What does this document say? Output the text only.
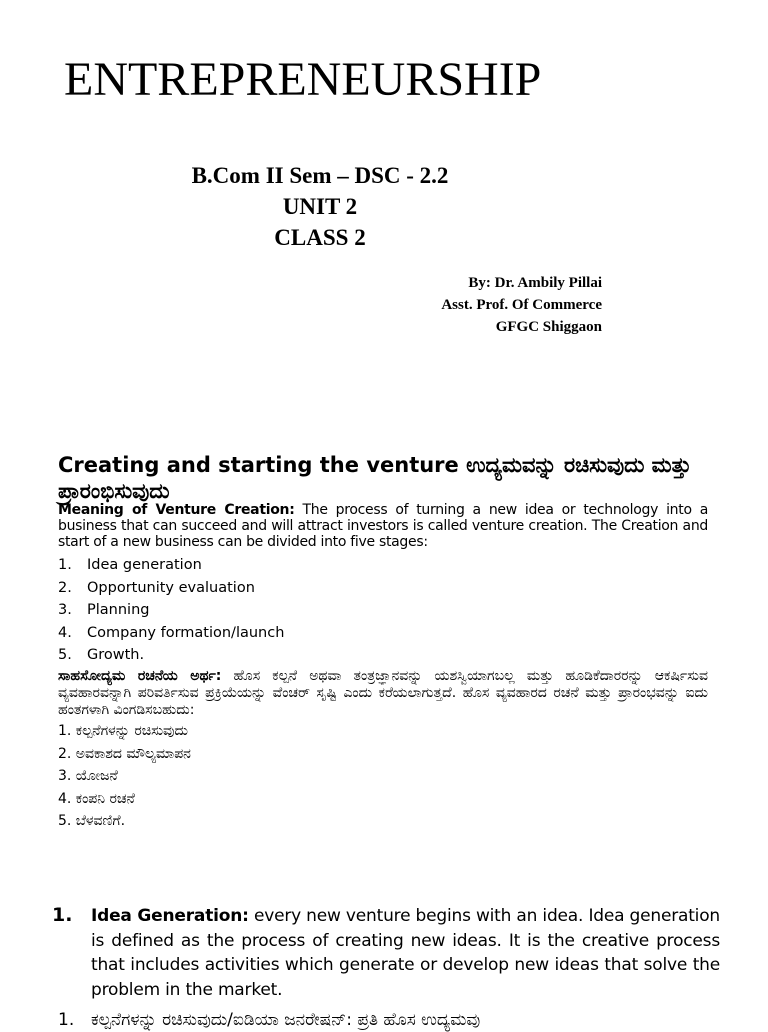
ENTREPRENEURSHIP
B.Com II Sem – DSC - 2.2
UNIT 2
CLASS 2
By: Dr. Ambily Pillai
Asst. Prof. Of Commerce
GFGC Shiggaon
Creating and starting the venture ಉದ್ಯಮವನ್ನು ರಚಿಸುವುದು ಮತ್ತು ಪ್ರಾರಂಭಿಸುವುದು
Meaning of Venture Creation: The process of turning a new idea or technology into a business that can succeed and will attract investors is called venture creation. The Creation and start of a new business can be divided into five stages:
1.	Idea generation
2.	Opportunity evaluation
3.	Planning
4.	Company formation/launch
5.	Growth.
ಸಾಹಸೋದ್ಯಮ ರಚನೆಯ ಅರ್ಥ: ಹೊಸ ಕಲ್ಪನೆ ಅಥವಾ ತಂತ್ರಜ್ಞಾನವನ್ನು ಯಶಸ್ವಿಯಾಗಬಲ್ಲ ಮತ್ತು ಹೂಡಿಕೆದಾರರನ್ನು ಆಕರ್ಷಿಸುವ ವ್ಯವಹಾರವನ್ನಾಗಿ ಪರಿವರ್ತಿಸುವ ಪ್ರಕ್ರಿಯೆಯನ್ನು ವೆಂಚರ್ ಸೃಷ್ಟಿ ಎಂದು ಕರೆಯಲಾಗುತ್ತದೆ. ಹೊಸ ವ್ಯವಹಾರದ ರಚನೆ ಮತ್ತು ಪ್ರಾರಂಭವನ್ನು ಐದು ಹಂತಗಳಾಗಿ ವಿಂಗಡಿಸಬಹುದು:
1. ಕಲ್ಪನೆಗಳನ್ನು ರಚಿಸುವುದು
2. ಅವಕಾಶದ ಮೌಲ್ಯಮಾಪನ
3. ಯೋಜನೆ
4. ಕಂಪನಿ ರಚನೆ
5. ಬೆಳವಣಿಗೆ.
1. Idea Generation: every new venture begins with an idea. Idea generation is defined as the process of creating new ideas. It is the creative process that includes activities which generate or develop new ideas that solve the problem in the market.
1. ಕಲ್ಪನೆಗಳನ್ನು ರಚಿಸುವುದು/ಐಡಿಯಾ ಜನರೇಷನ್: ಪ್ರತಿ ಹೊಸ ಉದ್ಯಮವು
